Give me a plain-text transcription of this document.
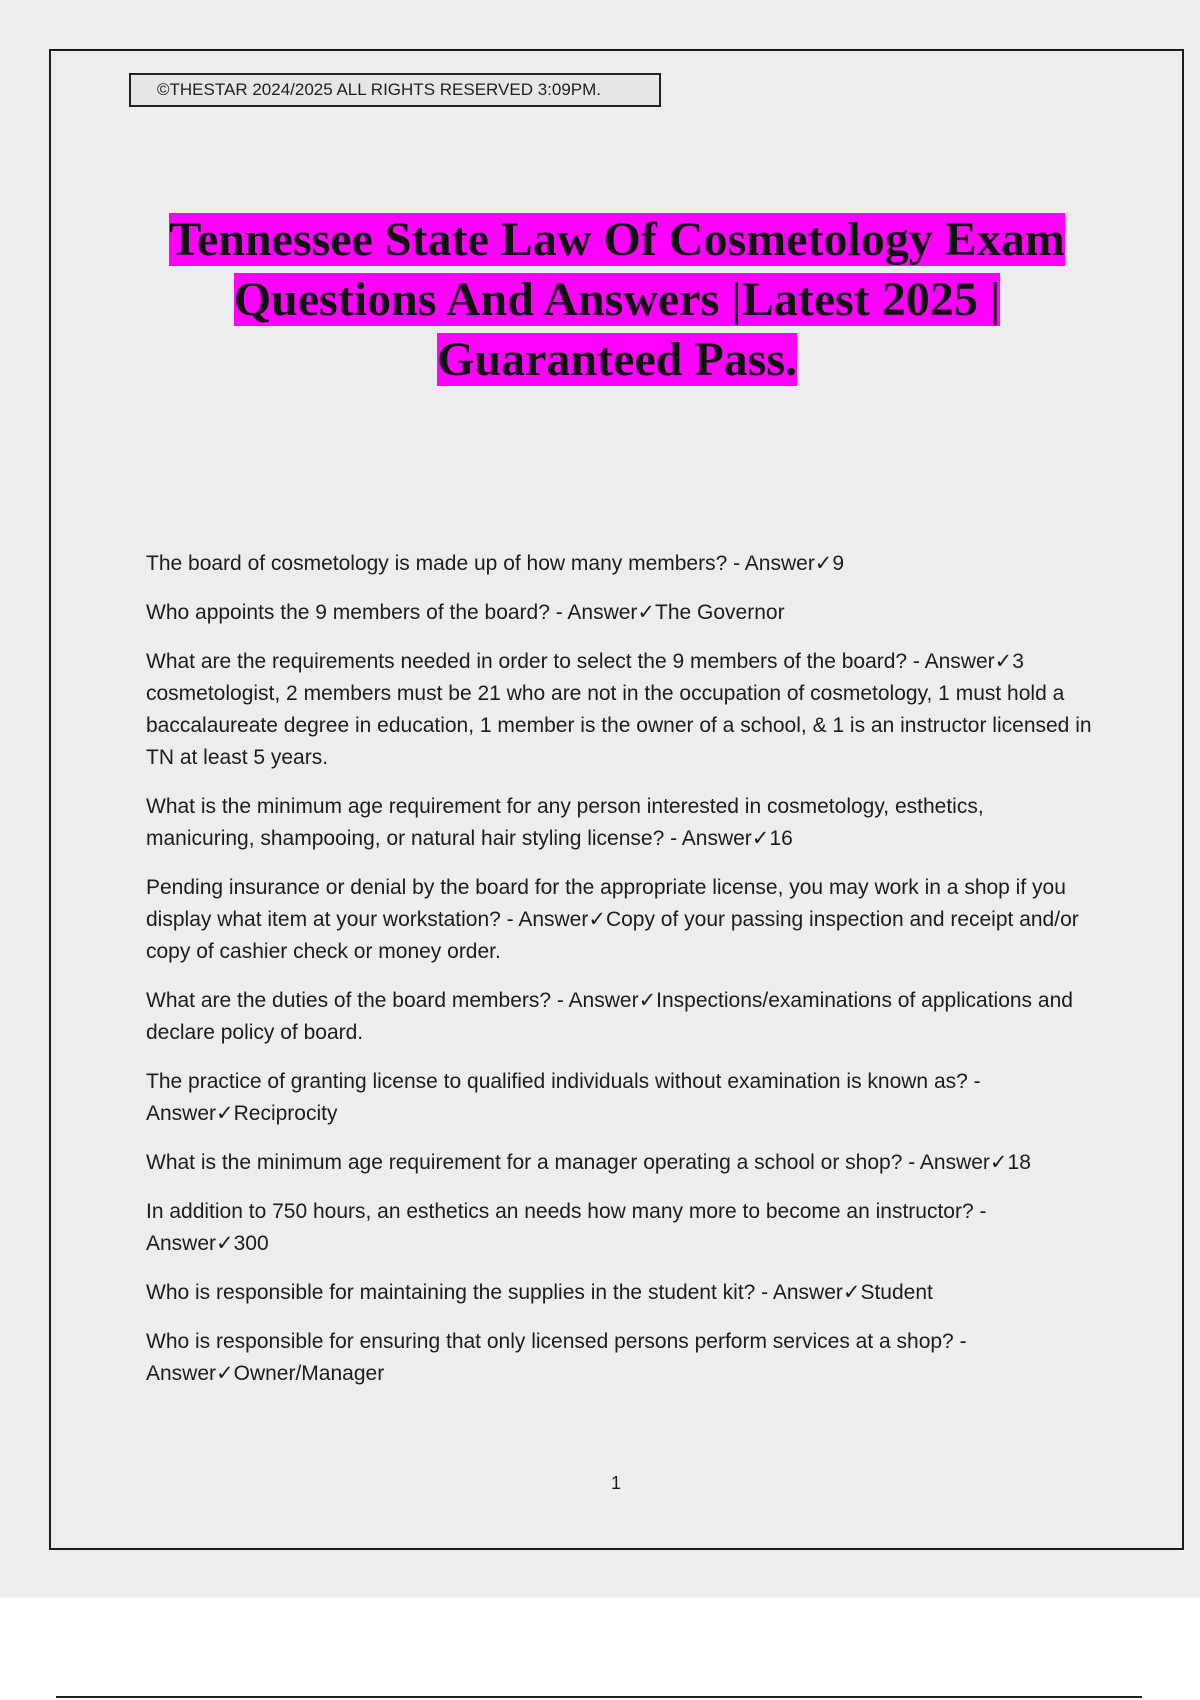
©THESTAR 2024/2025 ALL RIGHTS RESERVED 3:09PM.
Tennessee State Law Of Cosmetology Exam
Questions And Answers |Latest 2025 |
Guaranteed Pass.

The board of cosmetology is made up of how many members? - Answer✓9

Who appoints the 9 members of the board? - Answer✓The Governor

What are the requirements needed in order to select the 9 members of the board? - Answer✓3 cosmetologist, 2 members must be 21 who are not in the occupation of cosmetology, 1 must hold a baccalaureate degree in education, 1 member is the owner of a school, & 1 is an instructor licensed in TN at least 5 years.

What is the minimum age requirement for any person interested in cosmetology, esthetics, manicuring, shampooing, or natural hair styling license? - Answer✓16

Pending insurance or denial by the board for the appropriate license, you may work in a shop if you display what item at your workstation? - Answer✓Copy of your passing inspection and receipt and/or copy of cashier check or money order.

What are the duties of the board members? - Answer✓Inspections/examinations of applications and declare policy of board.

The practice of granting license to qualified individuals without examination is known as? - Answer✓Reciprocity

What is the minimum age requirement for a manager operating a school or shop? - Answer✓18

In addition to 750 hours, an esthetics an needs how many more to become an instructor? - Answer✓300

Who is responsible for maintaining the supplies in the student kit? - Answer✓Student

Who is responsible for ensuring that only licensed persons perform services at a shop? - Answer✓Owner/Manager

1
